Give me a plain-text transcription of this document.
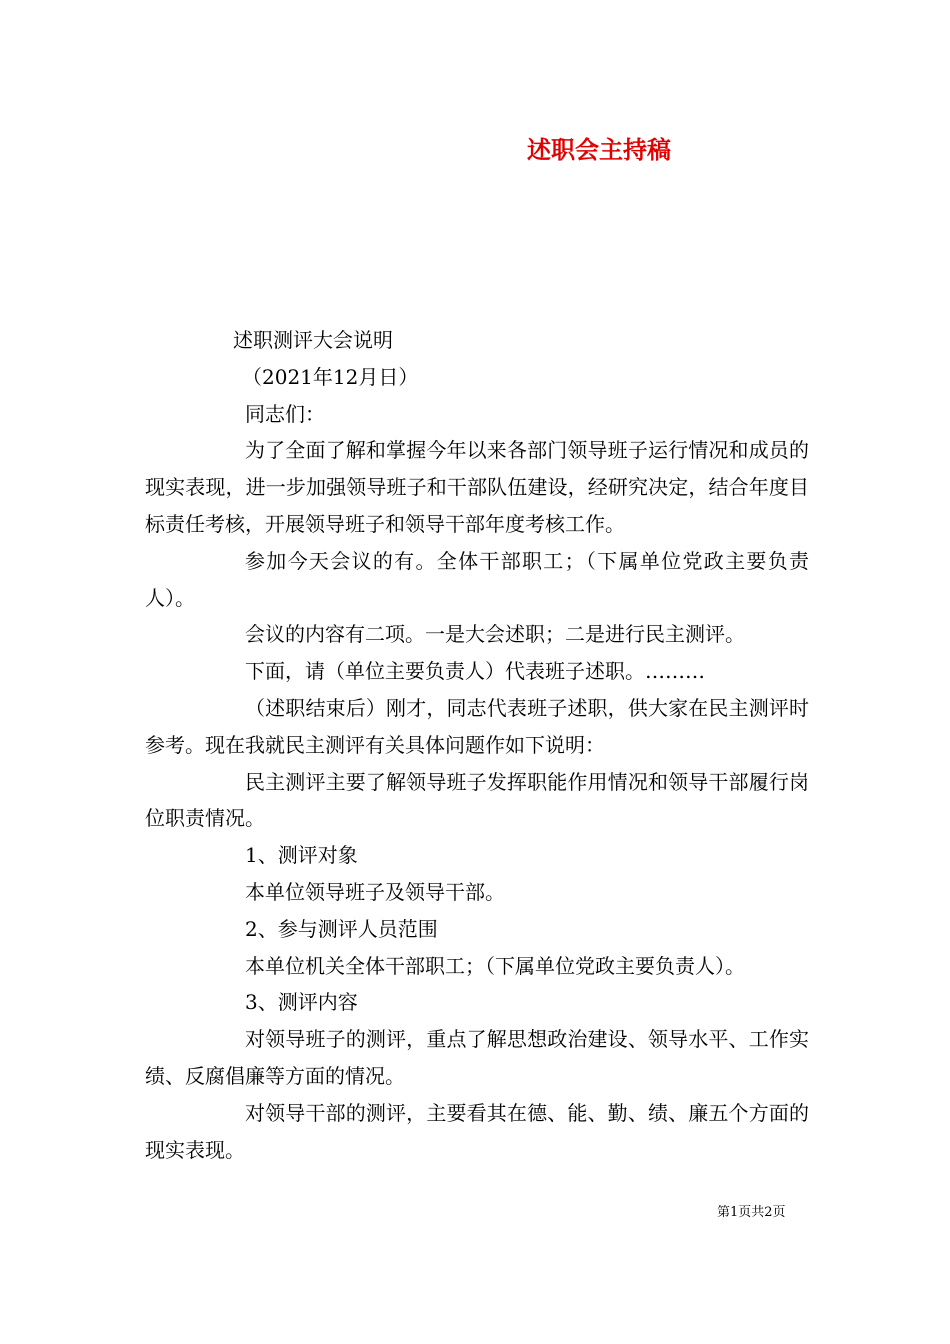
述职会主持稿

述职测评大会说明

（2021年12月日）

同志们：

为了全面了解和掌握今年以来各部门领导班子运行情况和成员的现实表现，进一步加强领导班子和干部队伍建设，经研究决定，结合年度目标责任考核，开展领导班子和领导干部年度考核工作。

参加今天会议的有。全体干部职工；（下属单位党政主要负责人）。

会议的内容有二项。一是大会述职；二是进行民主测评。

下面，请（单位主要负责人）代表班子述职。………

（述职结束后）刚才，同志代表班子述职，供大家在民主测评时参考。现在我就民主测评有关具体问题作如下说明：

民主测评主要了解领导班子发挥职能作用情况和领导干部履行岗位职责情况。

1、测评对象

本单位领导班子及领导干部。

2、参与测评人员范围

本单位机关全体干部职工；（下属单位党政主要负责人）。

3、测评内容

对领导班子的测评，重点了解思想政治建设、领导水平、工作实绩、反腐倡廉等方面的情况。

对领导干部的测评，主要看其在德、能、勤、绩、廉五个方面的现实表现。

第1页共2页
